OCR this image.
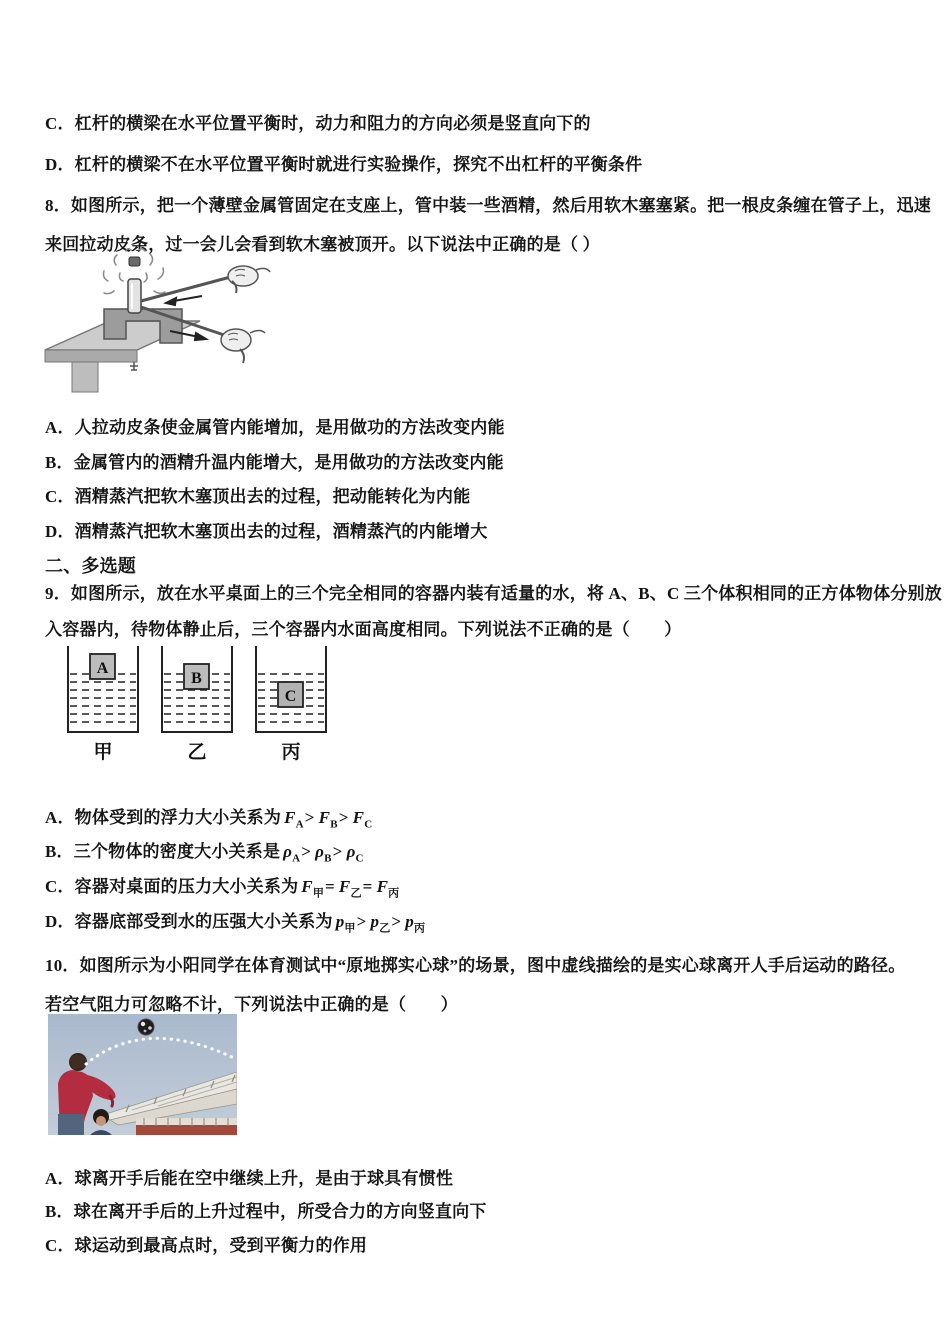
C．杠杆的横梁在水平位置平衡时，动力和阻力的方向必须是竖直向下的

D．杠杆的横梁不在水平位置平衡时就进行实验操作，探究不出杠杆的平衡条件

8．如图所示，把一个薄壁金属管固定在支座上，管中装一些酒精，然后用软木塞塞紧。把一根皮条缠在管子上，迅速

来回拉动皮条，过一会儿会看到软木塞被顶开。以下说法中正确的是（ ）

A．人拉动皮条使金属管内能增加，是用做功的方法改变内能

B．金属管内的酒精升温内能增大，是用做功的方法改变内能

C．酒精蒸汽把软木塞顶出去的过程，把动能转化为内能

D．酒精蒸汽把软木塞顶出去的过程，酒精蒸汽的内能增大

二、多选题

9．如图所示，放在水平桌面上的三个完全相同的容器内装有适量的水，将 A、B、C 三个体积相同的正方体物体分别放

入容器内，待物体静止后，三个容器内水面高度相同。下列说法不正确的是（　　）

A
B
C
甲	乙	丙

A．物体受到的浮力大小关系为 $F_A> F_B> F_C$

B．三个物体的密度大小关系是 $\rho_A> \rho_B> \rho_C$

C．容器对桌面的压力大小关系为 $F_甲= F_乙= F_丙$

D．容器底部受到水的压强大小关系为 $p_甲> p_乙> p_丙$

10．如图所示为小阳同学在体育测试中“原地掷实心球”的场景，图中虚线描绘的是实心球离开人手后运动的路径。

若空气阻力可忽略不计，下列说法中正确的是（　　）

A．球离开手后能在空中继续上升，是由于球具有惯性

B．球在离开手后的上升过程中，所受合力的方向竖直向下

C．球运动到最高点时，受到平衡力的作用
